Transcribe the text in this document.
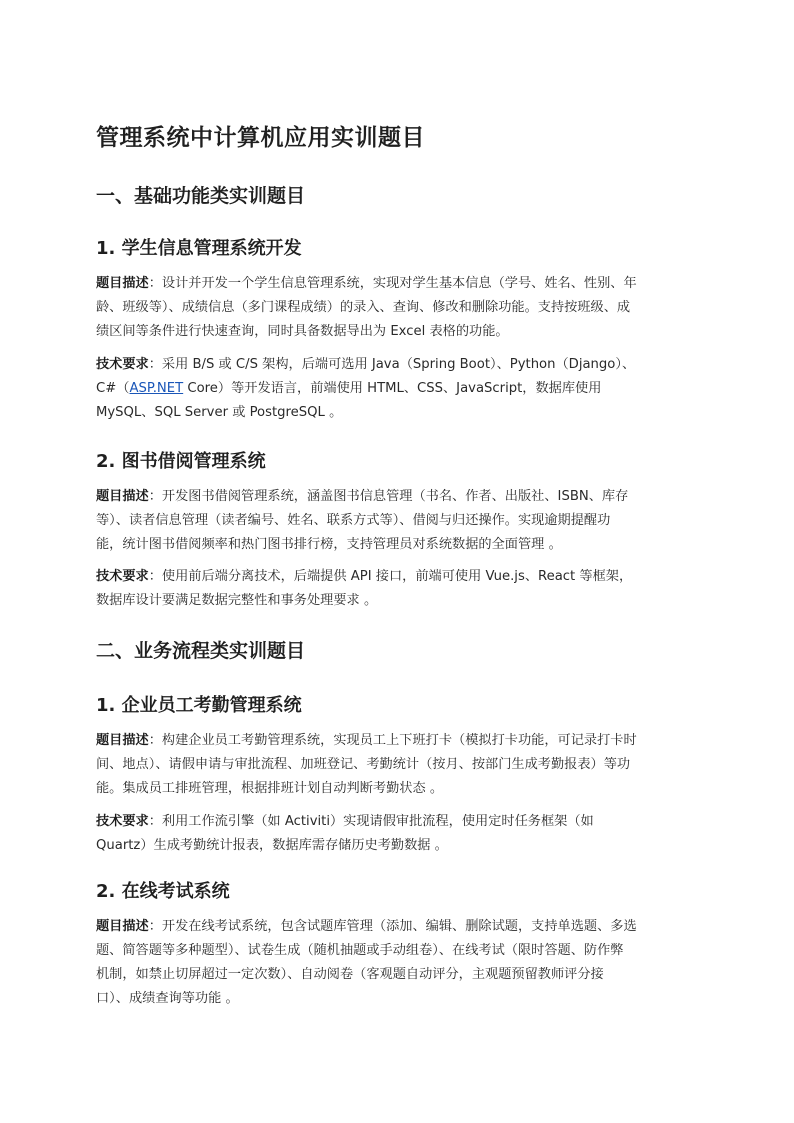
管理系统中计算机应用实训题目
一、基础功能类实训题目
1. 学生信息管理系统开发
题目描述：设计并开发一个学生信息管理系统，实现对学生基本信息（学号、姓名、性别、年
龄、班级等）、成绩信息（多门课程成绩）的录入、查询、修改和删除功能。支持按班级、成
绩区间等条件进行快速查询，同时具备数据导出为 Excel 表格的功能。
技术要求：采用 B/S 或 C/S 架构，后端可选用 Java（Spring Boot）、Python（Django）、
C#（ASP.NET Core）等开发语言，前端使用 HTML、CSS、JavaScript，数据库使用
MySQL、SQL Server 或 PostgreSQL 。
2. 图书借阅管理系统
题目描述：开发图书借阅管理系统，涵盖图书信息管理（书名、作者、出版社、ISBN、库存
等）、读者信息管理（读者编号、姓名、联系方式等）、借阅与归还操作。实现逾期提醒功
能，统计图书借阅频率和热门图书排行榜，支持管理员对系统数据的全面管理 。
技术要求：使用前后端分离技术，后端提供 API 接口，前端可使用 Vue.js、React 等框架，
数据库设计要满足数据完整性和事务处理要求 。
二、业务流程类实训题目
1. 企业员工考勤管理系统
题目描述：构建企业员工考勤管理系统，实现员工上下班打卡（模拟打卡功能，可记录打卡时
间、地点）、请假申请与审批流程、加班登记、考勤统计（按月、按部门生成考勤报表）等功
能。集成员工排班管理，根据排班计划自动判断考勤状态 。
技术要求：利用工作流引擎（如 Activiti）实现请假审批流程，使用定时任务框架（如
Quartz）生成考勤统计报表，数据库需存储历史考勤数据 。
2. 在线考试系统
题目描述：开发在线考试系统，包含试题库管理（添加、编辑、删除试题，支持单选题、多选
题、简答题等多种题型）、试卷生成（随机抽题或手动组卷）、在线考试（限时答题、防作弊
机制，如禁止切屏超过一定次数）、自动阅卷（客观题自动评分，主观题预留教师评分接
口）、成绩查询等功能 。
